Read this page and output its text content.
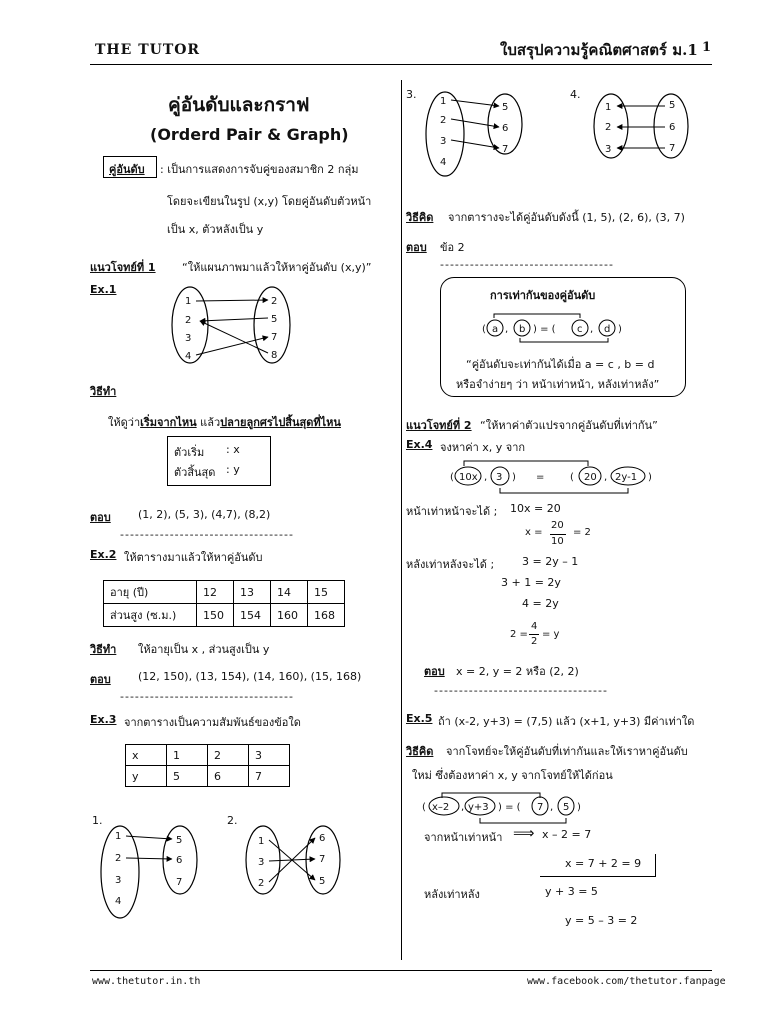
THE TUTOR	ใบสรุปความรู้คณิตศาสตร์ ม.1 1
www.thetutor.in.th	www.facebook.com/thetutor.fanpage
คู่อันดับและกราฟ
(Orderd Pair & Graph)
คู่อันดับ : เป็นการแสดงการจับคู่ของสมาชิก 2 กลุ่ม
โดยจะเขียนในรูป (x,y) โดยคู่อันดับตัวหน้า
เป็น x, ตัวหลังเป็น y
แนวโจทย์ที่ 1 “ให้แผนภาพมาแล้วให้หาคู่อันดับ (x,y)”
Ex.1
1
2
3
4
2
5
7
8
วิธีทำ
ให้ดูว่าเริ่มจากไหน แล้วปลายลูกศรไปสิ้นสุดที่ไหน
ตัวเริ่ม : x
ตัวสิ้นสุด : y
ตอบ (1, 2), (5, 3), (4,7), (8,2)
-----------------------------------
Ex.2 ให้ตารางมาแล้วให้หาคู่อันดับ
อายุ (ปี)	12	13	14	15
ส่วนสูง (ซ.ม.)	150	154	160	168
วิธีทำ ให้อายุเป็น x , ส่วนสูงเป็น y
ตอบ (12, 150), (13, 154), (14, 160), (15, 168)
-----------------------------------
Ex.3 จากตารางเป็นความสัมพันธ์ของข้อใด
x	1	2	3
y	5	6	7
1.
1
2
3
4
5
6
7
2.
1
3
2
6
7
5
3.
1
2
3
4
5
6
7
4.
1
2
3
5
6
7
วิธีคิด จากตารางจะได้คู่อันดับดังนี้ (1, 5), (2, 6), (3, 7)
ตอบ ข้อ 2
-----------------------------------
การเท่ากันของคู่อันดับ
( a , b ) = ( c , d )
“คู่อันดับจะเท่ากันได้เมื่อ a = c , b = d
หรือจำง่ายๆ ว่า หน้าเท่าหน้า, หลังเท่าหลัง”
แนวโจทย์ที่ 2 “ให้หาค่าตัวแปรจากคู่อันดับที่เท่ากัน”
Ex.4 จงหาค่า x, y จาก
( 10x , 3 ) =	( 20 , 2y-1 )
หน้าเท่าหน้าจะได้ ; 10x = 20
x =
20
10
= 2
หลังเท่าหลังจะได้ ;	3 = 2y – 1
3 + 1 = 2y
4 = 2y
2 =
4
2
= y
ตอบ x = 2, y = 2 หรือ (2, 2)
-----------------------------------
Ex.5 ถ้า (x-2, y+3) = (7,5) แล้ว (x+1, y+3) มีค่าเท่าใด
วิธีคิด จากโจทย์จะให้คู่อันดับที่เท่ากันและให้เราหาคู่อันดับ
ใหม่ ซึ่งต้องหาค่า x, y จากโจทย์ให้ได้ก่อน
( x–2 , y+3 ) = ( 7 , 5 )
จากหน้าเท่าหน้า ⟹ x – 2 = 7
x = 7 + 2 = 9
หลังเท่าหลัง	y + 3 = 5
y = 5 – 3 = 2
